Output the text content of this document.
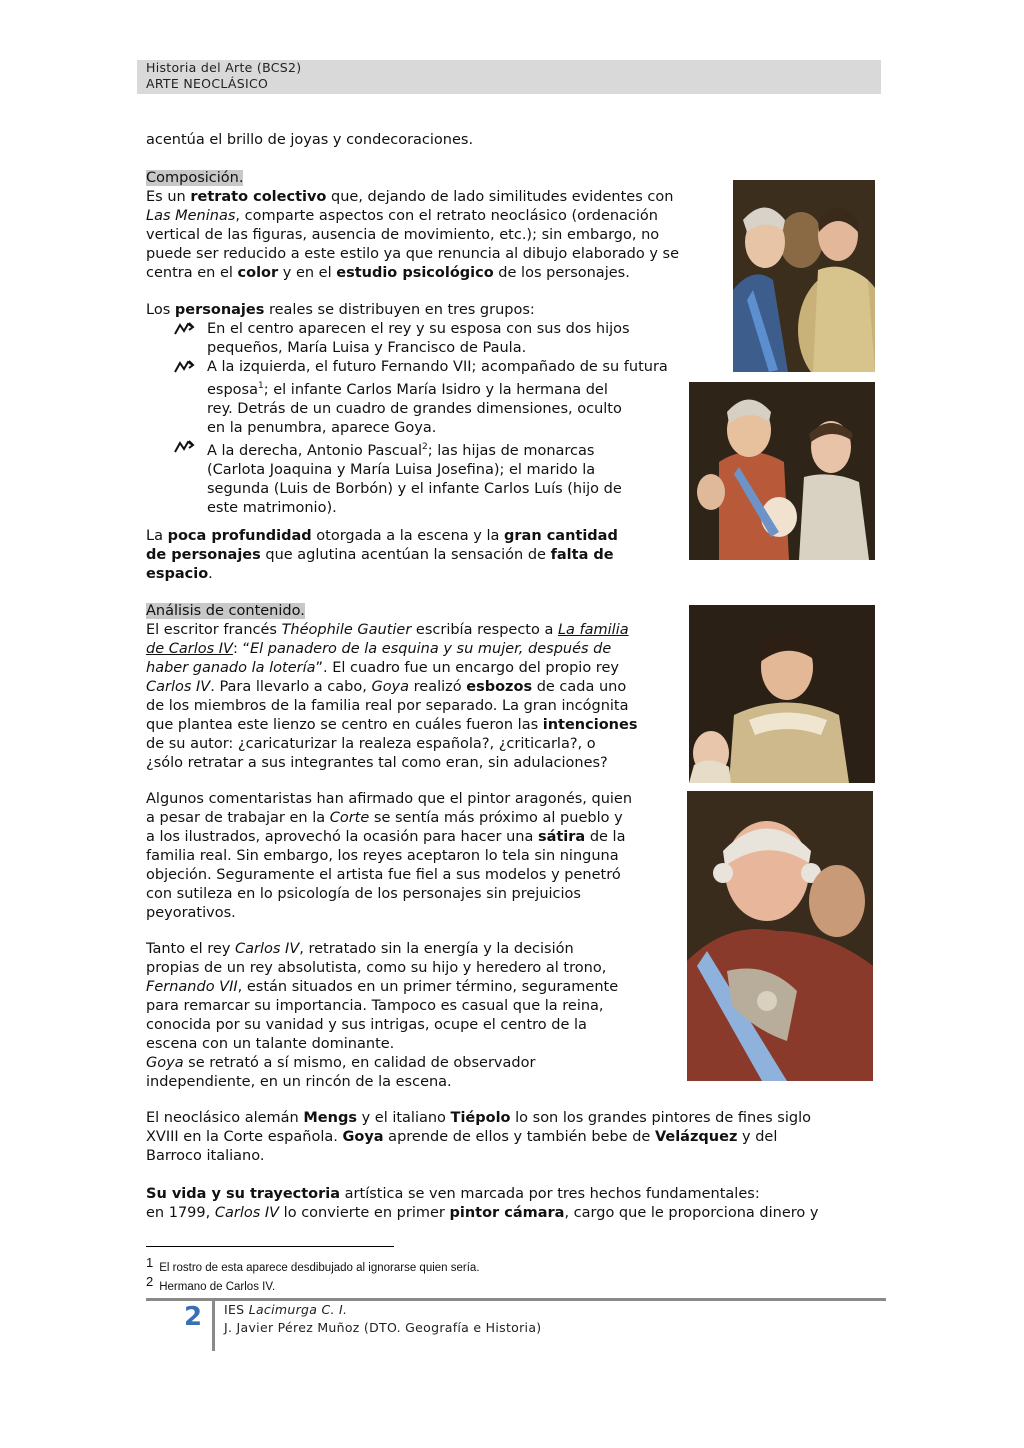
Historia del Arte (BCS2)
ARTE NEOCLÁSICO
acentúa el brillo de joyas y condecoraciones.
Composición.
Es un retrato colectivo que, dejando de lado similitudes evidentes con
Las Meninas, comparte aspectos con el retrato neoclásico (ordenación
vertical de las figuras, ausencia de movimiento, etc.); sin embargo, no
puede ser reducido a este estilo ya que renuncia al dibujo elaborado y se
centra en el color y en el estudio psicológico de los personajes.
Los personajes reales se distribuyen en tres grupos:
En el centro aparecen el rey y su esposa con sus dos hijos
pequeños, María Luisa y Francisco de Paula.
A la izquierda, el futuro Fernando VII; acompañado de su futura
esposa$^1$; el infante Carlos María Isidro y la hermana del
rey. Detrás de un cuadro de grandes dimensiones, oculto
en la penumbra, aparece Goya.
A la derecha, Antonio Pascual$^2$; las hijas de monarcas
(Carlota Joaquina y María Luisa Josefina); el marido la
segunda (Luis de Borbón) y el infante Carlos Luís (hijo de
este matrimonio).
La poca profundidad otorgada a la escena y la gran cantidad
de personajes que aglutina acentúan la sensación de falta de
espacio.
Análisis de contenido.
El escritor francés Théophile Gautier escribía respecto a La familia
de Carlos IV: “El panadero de la esquina y su mujer, después de
haber ganado la lotería”. El cuadro fue un encargo del propio rey
Carlos IV. Para llevarlo a cabo, Goya realizó esbozos de cada uno
de los miembros de la familia real por separado. La gran incógnita
que plantea este lienzo se centro en cuáles fueron las intenciones
de su autor: ¿caricaturizar la realeza española?, ¿criticarla?, o
¿sólo retratar a sus integrantes tal como eran, sin adulaciones?
Algunos comentaristas han afirmado que el pintor aragonés, quien
a pesar de trabajar en la Corte se sentía más próximo al pueblo y
a los ilustrados, aprovechó la ocasión para hacer una sátira de la
familia real. Sin embargo, los reyes aceptaron lo tela sin ninguna
objeción. Seguramente el artista fue fiel a sus modelos y penetró
con sutileza en lo psicología de los personajes sin prejuicios
peyorativos.
Tanto el rey Carlos IV, retratado sin la energía y la decisión
propias de un rey absolutista, como su hijo y heredero al trono,
Fernando VII, están situados en un primer término, seguramente
para remarcar su importancia. Tampoco es casual que la reina,
conocida por su vanidad y sus intrigas, ocupe el centro de la
escena con un talante dominante.
Goya se retrató a sí mismo, en calidad de observador
independiente, en un rincón de la escena.
El neoclásico alemán Mengs y el italiano Tiépolo lo son los grandes pintores de fines siglo
XVIII en la Corte española. Goya aprende de ellos y también bebe de Velázquez y del
Barroco italiano.
Su vida y su trayectoria artística se ven marcada por tres hechos fundamentales:
en 1799, Carlos IV lo convierte en primer pintor cámara, cargo que le proporciona dinero y
$^1$ El rostro de esta aparece desdibujado al ignorarse quien sería.
$^2$ Hermano de Carlos IV.
2 IES Lacimurga C. I.
J. Javier Pérez Muñoz (DTO. Geografía e Historia)
